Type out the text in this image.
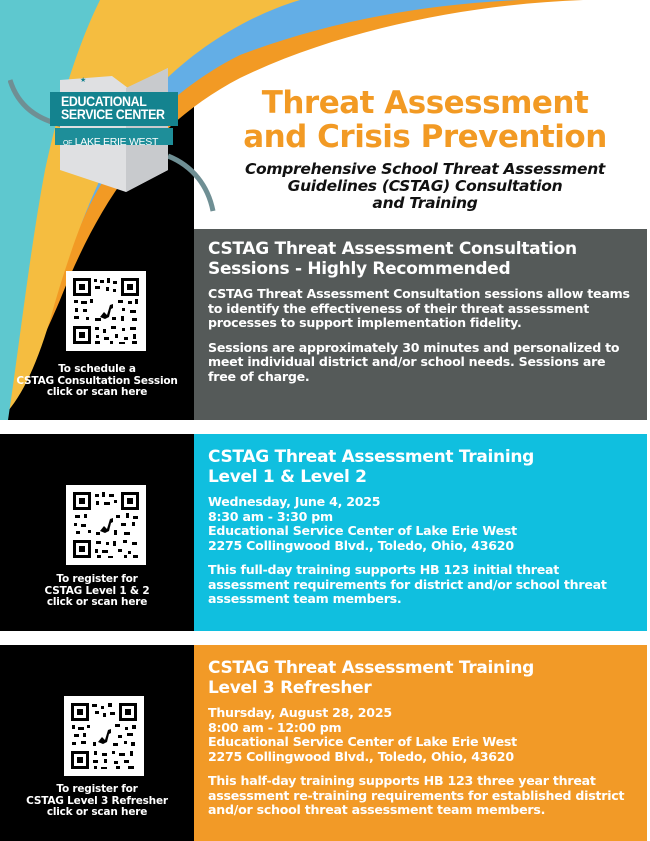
★
EDUCATIONAL
SERVICE CENTER
OF LAKE ERIE WEST
Threat Assessment
and Crisis Prevention
Comprehensive School Threat Assessment
Guidelines (CSTAG) Consultation
and Training
CSTAG Threat Assessment Consultation
Sessions - Highly Recommended

CSTAG Threat Assessment Consultation sessions allow teams to identify the effectiveness of their threat assessment processes to support implementation fidelity.

Sessions are approximately 30 minutes and personalized to meet individual district and/or school needs. Sessions are free of charge.

To schedule a
CSTAG Consultation Session
click or scan here
CSTAG Threat Assessment Training
Level 1 & Level 2

Wednesday, June 4, 2025
8:30 am - 3:30 pm
Educational Service Center of Lake Erie West
2275 Collingwood Blvd., Toledo, Ohio, 43620

This full-day training supports HB 123 initial threat assessment requirements for district and/or school threat assessment team members.

To register for
CSTAG Level 1 & 2
click or scan here
CSTAG Threat Assessment Training
Level 3 Refresher

Thursday, August 28, 2025
8:00 am - 12:00 pm
Educational Service Center of Lake Erie West
2275 Collingwood Blvd., Toledo, Ohio, 43620

This half-day training supports HB 123 three year threat assessment re-training requirements for established district and/or school threat assessment team members.

To register for
CSTAG Level 3 Refresher
click or scan here
